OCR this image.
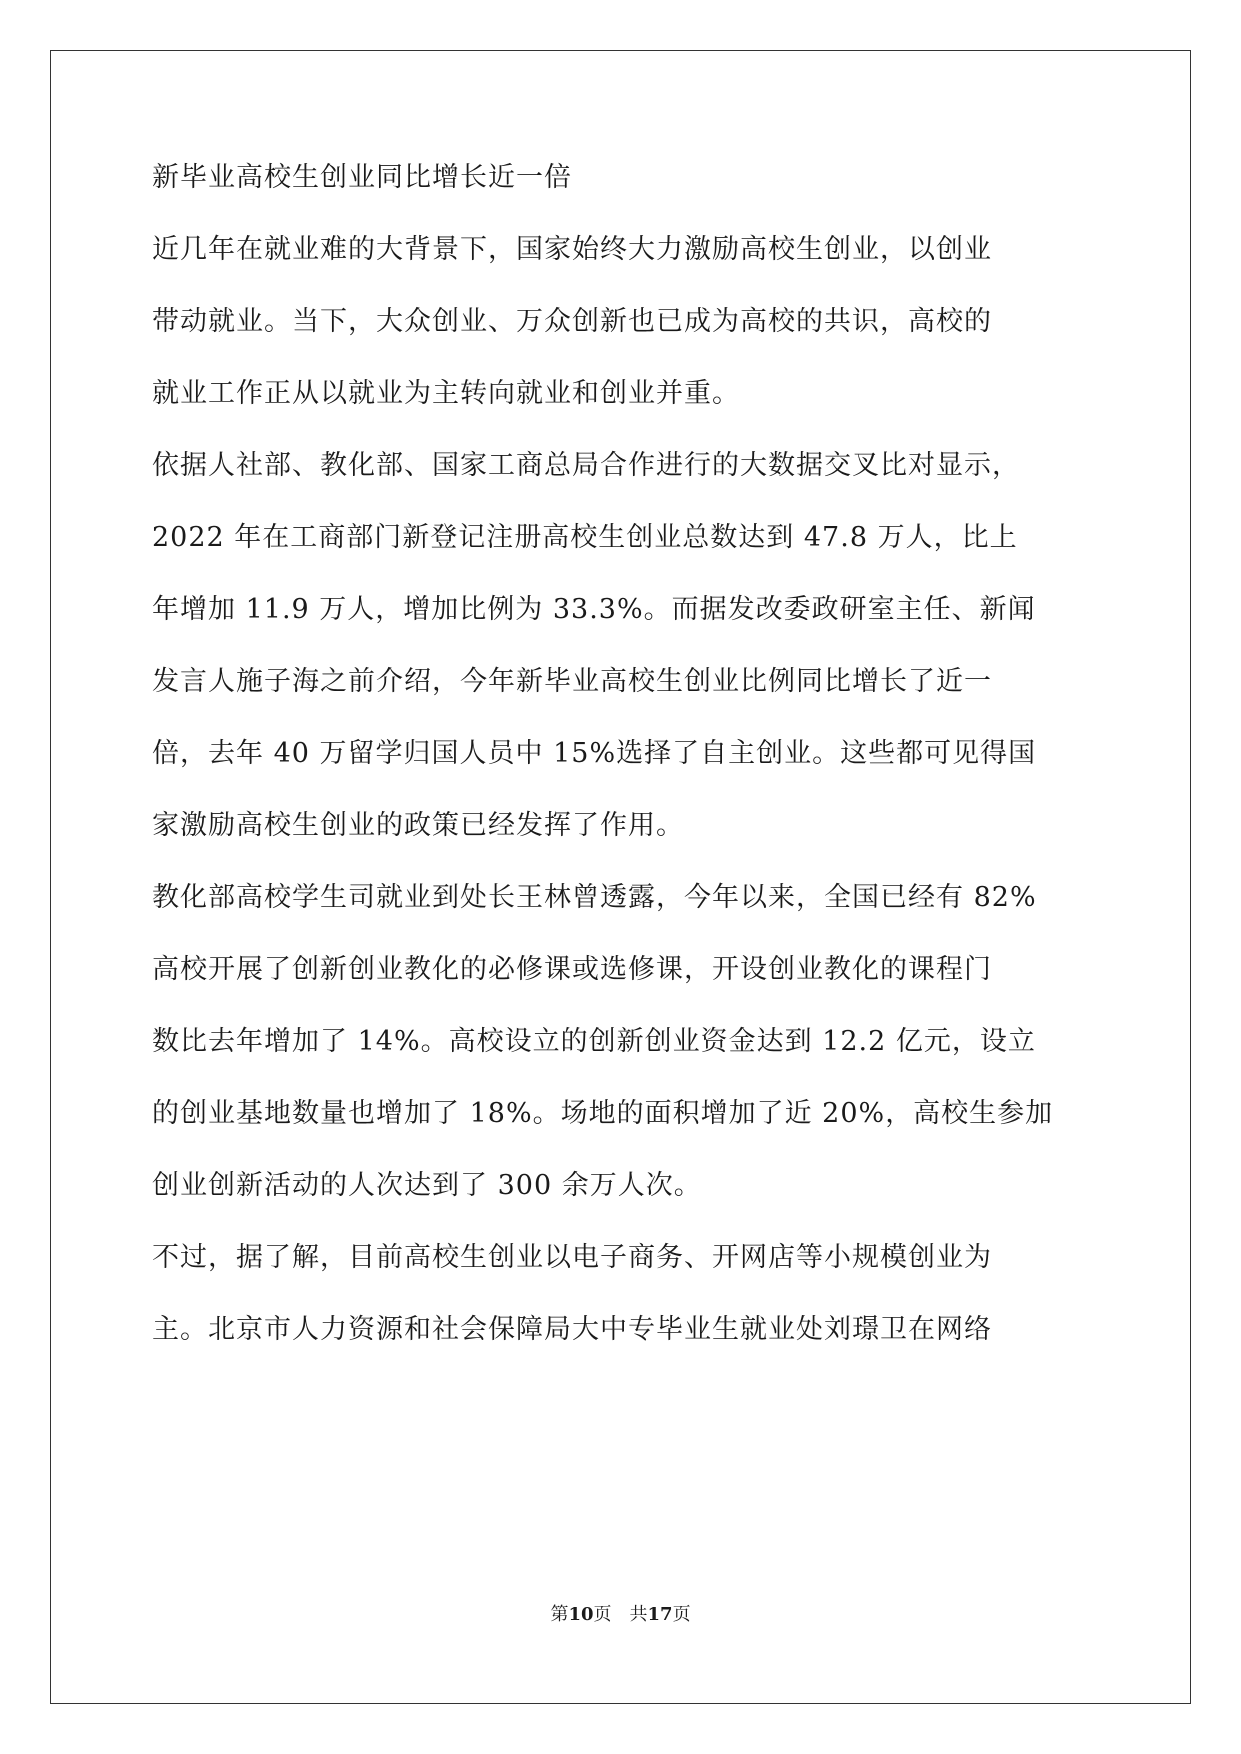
新毕业高校生创业同比增长近一倍
近几年在就业难的大背景下，国家始终大力激励高校生创业，以创业
带动就业。当下，大众创业、万众创新也已成为高校的共识，高校的
就业工作正从以就业为主转向就业和创业并重。
依据人社部、教化部、国家工商总局合作进行的大数据交叉比对显示，
2022 年在工商部门新登记注册高校生创业总数达到 47.8 万人，比上
年增加 11.9 万人，增加比例为 33.3%。而据发改委政研室主任、新闻
发言人施子海之前介绍，今年新毕业高校生创业比例同比增长了近一
倍，去年 40 万留学归国人员中 15%选择了自主创业。这些都可见得国
家激励高校生创业的政策已经发挥了作用。
教化部高校学生司就业到处长王林曾透露，今年以来，全国已经有 82%
高校开展了创新创业教化的必修课或选修课，开设创业教化的课程门
数比去年增加了 14%。高校设立的创新创业资金达到 12.2 亿元，设立
的创业基地数量也增加了 18%。场地的面积增加了近 20%，高校生参加
创业创新活动的人次达到了 300 余万人次。
不过，据了解，目前高校生创业以电子商务、开网店等小规模创业为
主。北京市人力资源和社会保障局大中专毕业生就业处刘璟卫在网络
第10页　共17页
